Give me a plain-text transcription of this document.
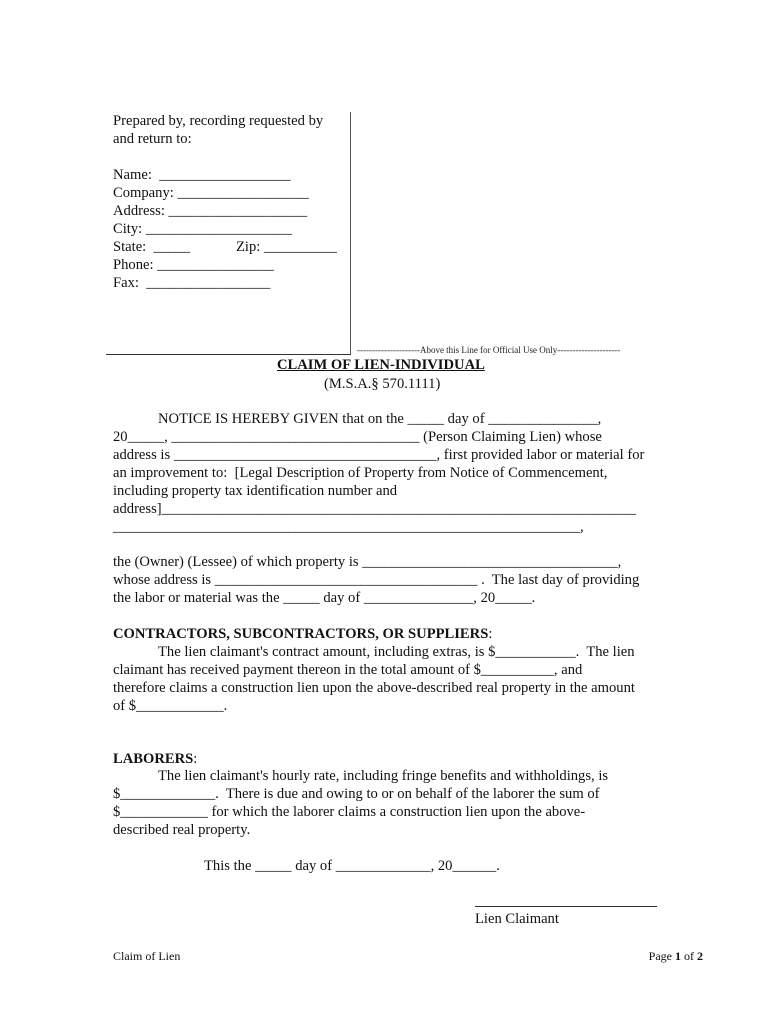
Prepared by, recording requested by
and return to:
Name:  __________________
Company: __________________
Address: ___________________
City: ____________________
State:  _____	Zip: __________
Phone: ________________
Fax:  _________________
---------------------Above this Line for Official Use Only---------------------
CLAIM OF LIEN-INDIVIDUAL
(M.S.A.§ 570.1111)
NOTICE IS HEREBY GIVEN that on the _____ day of _______________,
20_____, __________________________________ (Person Claiming Lien) whose
address is ____________________________________, first provided labor or material for
an improvement to:  [Legal Description of Property from Notice of Commencement,
including property tax identification number and
address]_________________________________________________________________
________________________________________________________________,
the (Owner) (Lessee) of which property is ___________________________________,
whose address is ____________________________________ .  The last day of providing
the labor or material was the _____ day of _______________, 20_____.
CONTRACTORS, SUBCONTRACTORS, OR SUPPLIERS:
The lien claimant's contract amount, including extras, is $___________.  The lien
claimant has received payment thereon in the total amount of $__________, and
therefore claims a construction lien upon the above-described real property in the amount
of $____________.
LABORERS:
The lien claimant's hourly rate, including fringe benefits and withholdings, is
$_____________.  There is due and owing to or on behalf of the laborer the sum of
$____________ for which the laborer claims a construction lien upon the above-
described real property.
This the _____ day of _____________, 20______.
Lien Claimant
Claim of Lien	Page 1 of 2
